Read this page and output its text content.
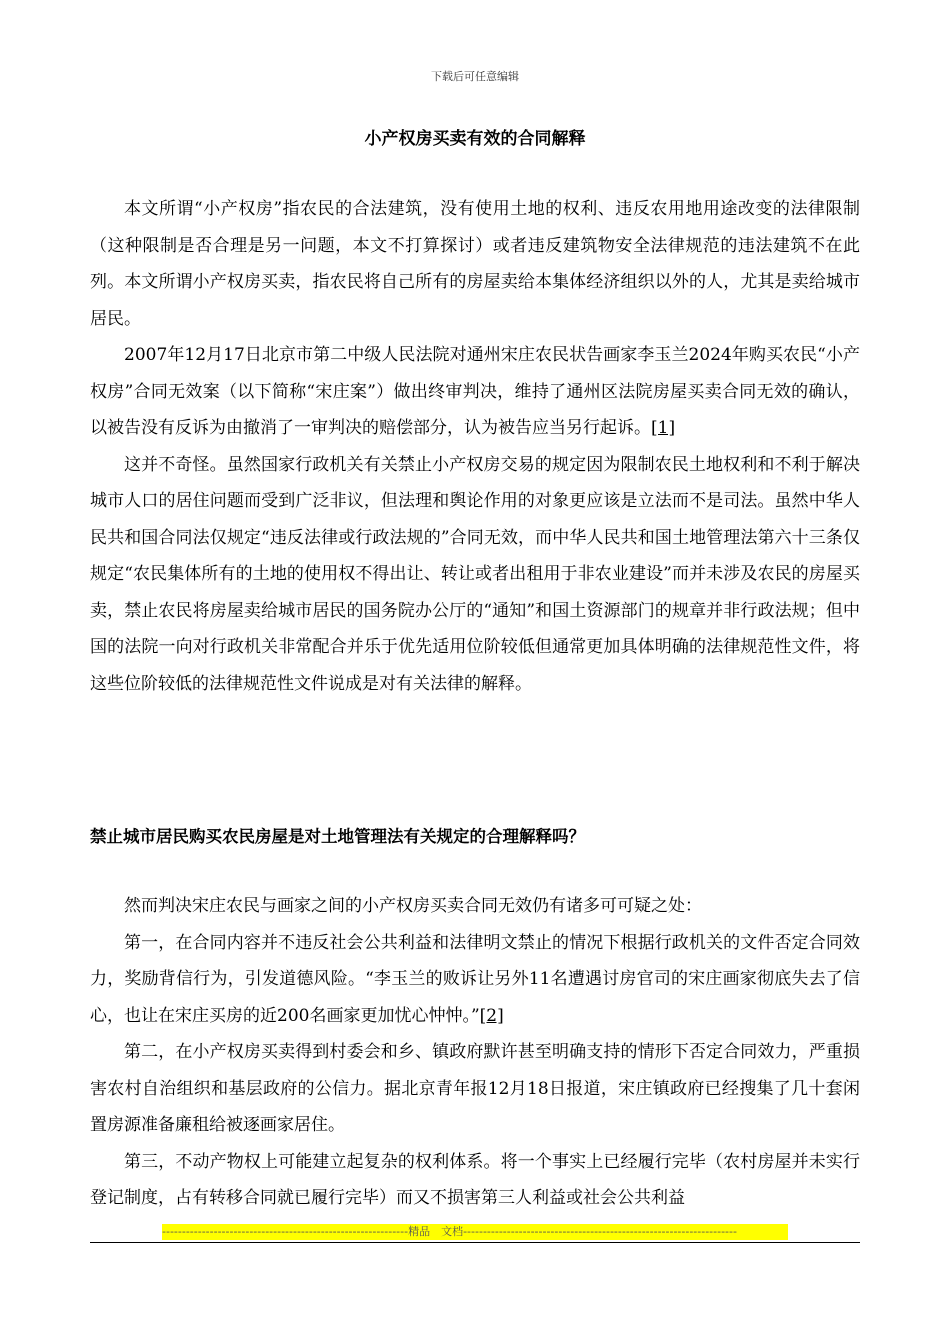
下载后可任意编辑
小产权房买卖有效的合同解释

本文所谓“小产权房”指农民的合法建筑，没有使用土地的权利、违反农用地用途改变的法律限制（这种限制是否合理是另一问题，本文不打算探讨）或者违反建筑物安全法律规范的违法建筑不在此列。本文所谓小产权房买卖，指农民将自己所有的房屋卖给本集体经济组织以外的人，尤其是卖给城市居民。

2007年12月17日北京市第二中级人民法院对通州宋庄农民状告画家李玉兰2024年购买农民“小产权房”合同无效案（以下简称“宋庄案”）做出终审判决，维持了通州区法院房屋买卖合同无效的确认，以被告没有反诉为由撤消了一审判决的赔偿部分，认为被告应当另行起诉。[1]

这并不奇怪。虽然国家行政机关有关禁止小产权房交易的规定因为限制农民土地权利和不利于解决城市人口的居住问题而受到广泛非议，但法理和舆论作用的对象更应该是立法而不是司法。虽然中华人民共和国合同法仅规定“违反法律或行政法规的”合同无效，而中华人民共和国土地管理法第六十三条仅规定“农民集体所有的土地的使用权不得出让、转让或者出租用于非农业建设”而并未涉及农民的房屋买卖，禁止农民将房屋卖给城市居民的国务院办公厅的“通知”和国土资源部门的规章并非行政法规；但中国的法院一向对行政机关非常配合并乐于优先适用位阶较低但通常更加具体明确的法律规范性文件，将这些位阶较低的法律规范性文件说成是对有关法律的解释。

禁止城市居民购买农民房屋是对土地管理法有关规定的合理解释吗？

然而判决宋庄农民与画家之间的小产权房买卖合同无效仍有诸多可可疑之处：

第一，在合同内容并不违反社会公共利益和法律明文禁止的情况下根据行政机关的文件否定合同效力，奖励背信行为，引发道德风险。“李玉兰的败诉让另外11名遭遇讨房官司的宋庄画家彻底失去了信心，也让在宋庄买房的近200名画家更加忧心忡忡。”[2]

第二，在小产权房买卖得到村委会和乡、镇政府默许甚至明确支持的情形下否定合同效力，严重损害农村自治组织和基层政府的公信力。据北京青年报12月18日报道，宋庄镇政府已经搜集了几十套闲置房源准备廉租给被逐画家居住。

第三，不动产物权上可能建立起复杂的权利体系。将一个事实上已经履行完毕（农村房屋并未实行登记制度，占有转移合同就已履行完毕）而又不损害第三人利益或社会公共利益

--------------------------------------------------------------精品　文档---------------------------------------------------------------------
